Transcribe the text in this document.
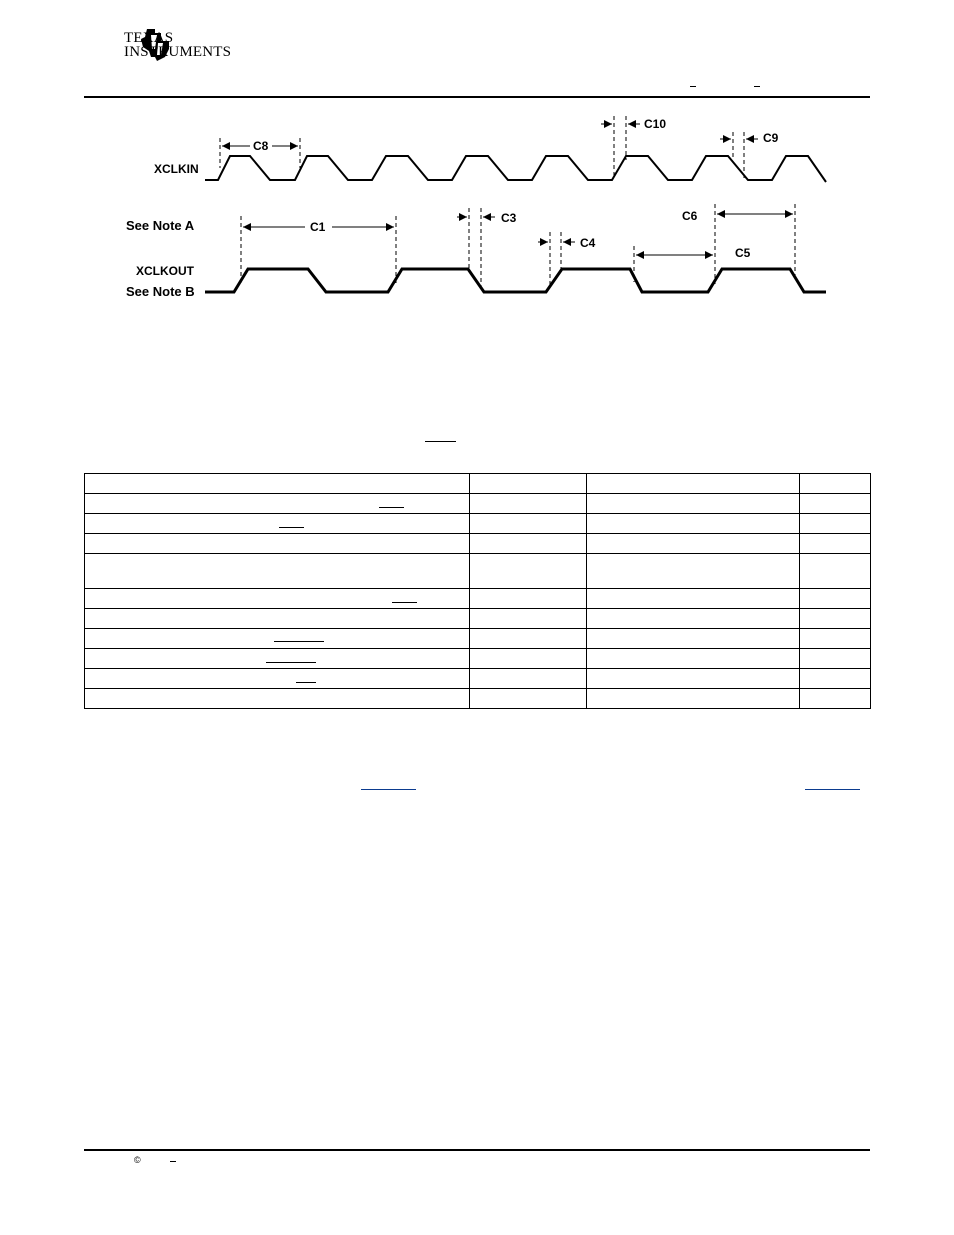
TEXAS
INSTRUMENTS
XCLKIN
See Note A
XCLKOUT
See Note B
C8
C1
C10
C9
C3
C4
C5
C6

©
